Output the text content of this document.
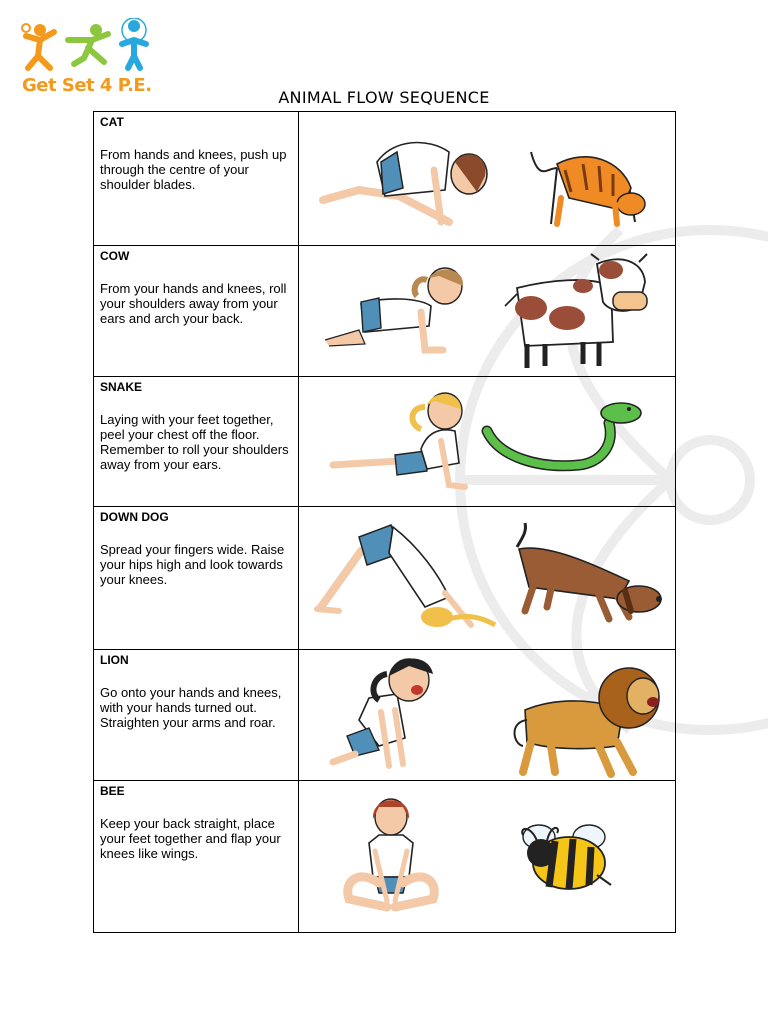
Get Set 4 P.E.
ANIMAL FLOW SEQUENCE
CAT

From hands and knees, push up through the centre of your shoulder blades.

COW

From your hands and knees, roll your shoulders away from your ears and arch your back.

SNAKE

Laying with your feet together, peel your chest off the floor. Remember to roll your shoulders away from your ears.

DOWN DOG

Spread your fingers wide. Raise your hips high and look towards your knees.

LION

Go onto your hands and knees, with your hands turned out. Straighten your arms and roar.

BEE

Keep your back straight, place your feet together and flap your knees like wings.
